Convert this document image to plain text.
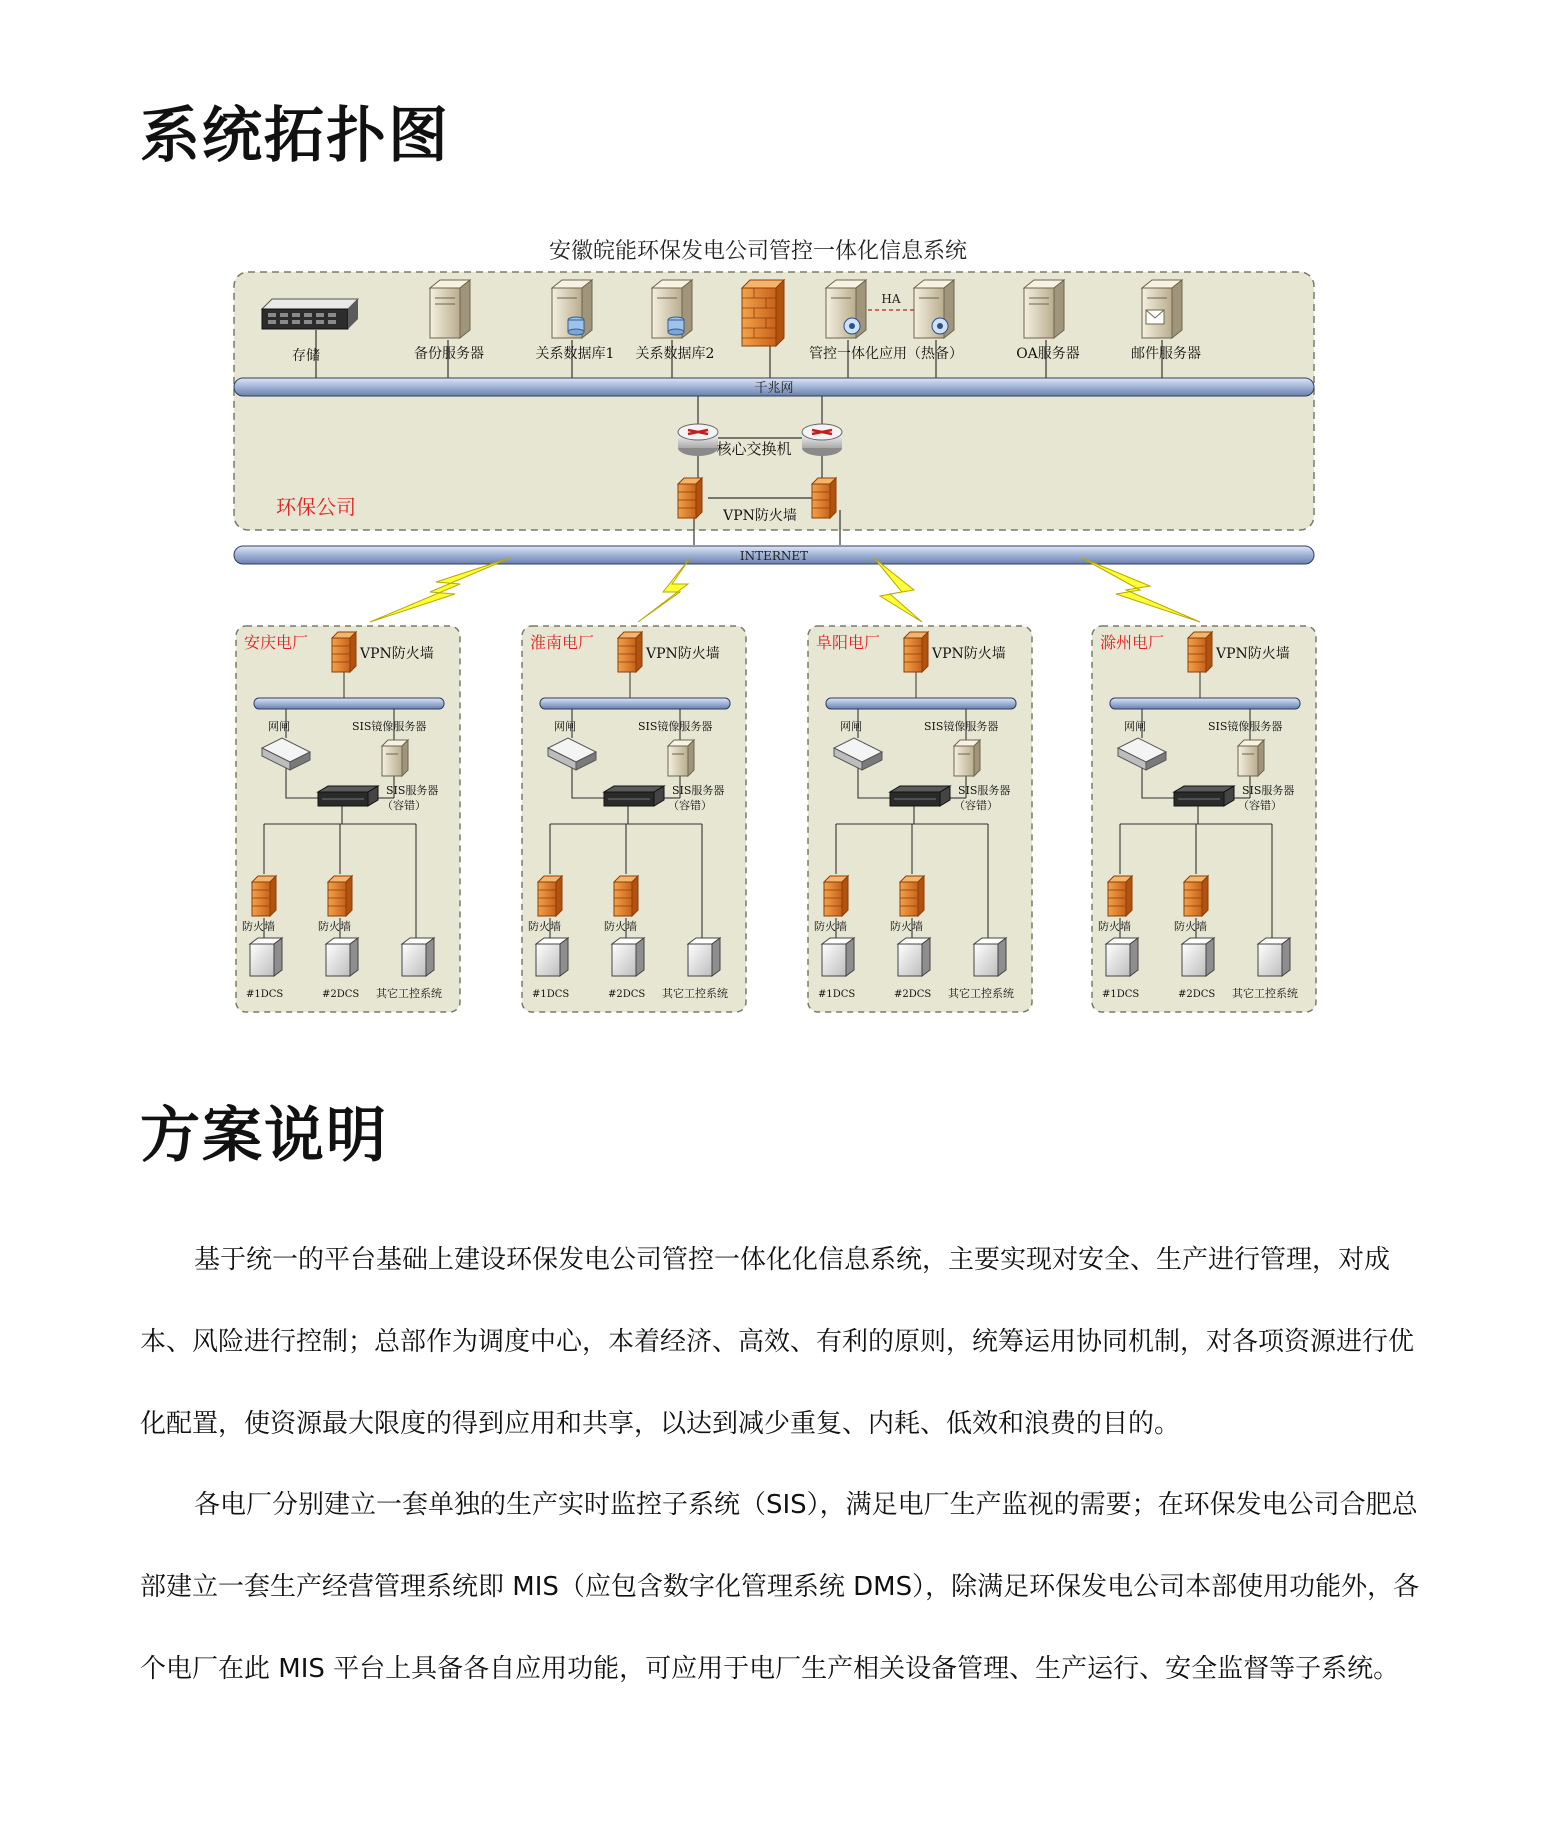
系统拓扑图
安徽皖能环保发电公司管控一体化信息系统
HA
存储	备份服务器	关系数据库1 关系数据库2	管控一体化应用（热备）	OA服务器	邮件服务器
千兆网
核心交换机
VPN防火墙
环保公司
INTERNET
安庆电厂
VPN防火墙
网闸	SIS镜像服务器
SIS服务器
（容错）
防火墙	防火墙
#1DCS	#2DCS 其它工控系统
淮南电厂
VPN防火墙
网闸	SIS镜像服务器
SIS服务器
（容错）
防火墙	防火墙
#1DCS	#2DCS 其它工控系统
阜阳电厂
VPN防火墙
网闸	SIS镜像服务器
SIS服务器
（容错）
防火墙	防火墙
#1DCS	#2DCS 其它工控系统
滁州电厂
VPN防火墙
网闸	SIS镜像服务器
SIS服务器
（容错）
防火墙	防火墙
#1DCS	#2DCS 其它工控系统
方案说明

基于统一的平台基础上建设环保发电公司管控一体化化信息系统，主要实现对安全、生产进行管理，对成本、风险进行控制；总部作为调度中心，本着经济、高效、有利的原则，统筹运用协同机制，对各项资源进行优化配置，使资源最大限度的得到应用和共享，以达到减少重复、内耗、低效和浪费的目的。

各电厂分别建立一套单独的生产实时监控子系统（SIS），满足电厂生产监视的需要；在环保发电公司合肥总部建立一套生产经营管理系统即 MIS（应包含数字化管理系统 DMS），除满足环保发电公司本部使用功能外，各个电厂在此 MIS 平台上具备各自应用功能，可应用于电厂生产相关设备管理、生产运行、安全监督等子系统。
